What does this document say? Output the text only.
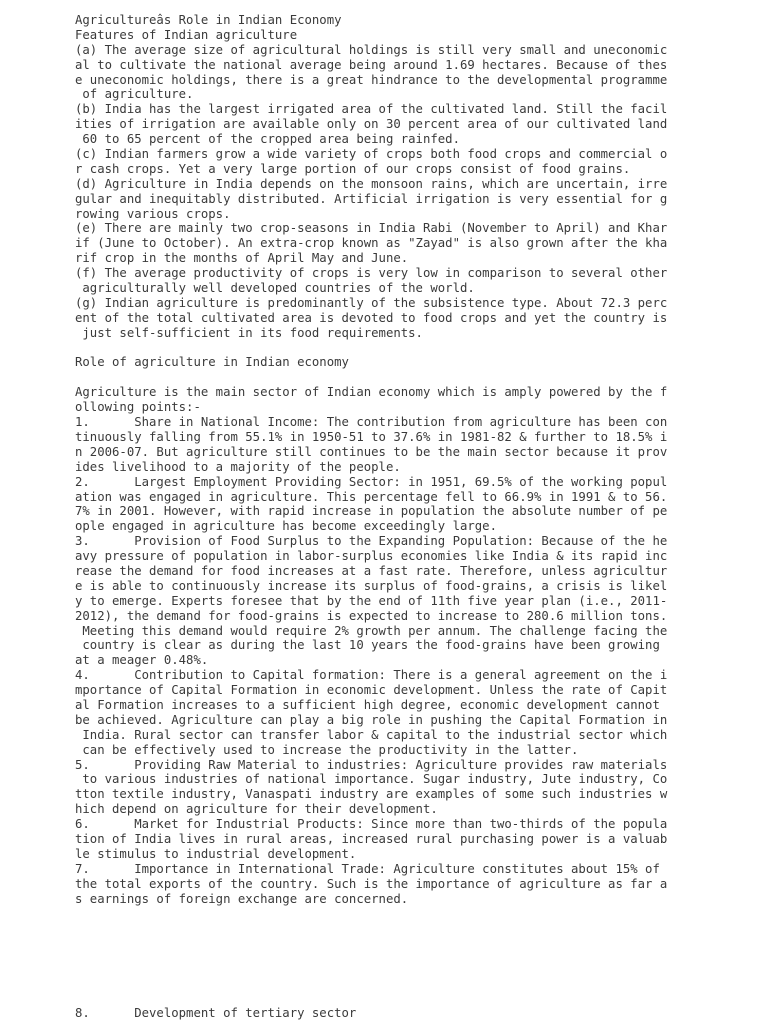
Agricultureâs Role in Indian Economy
Features of Indian agriculture
(a) The average size of agricultural holdings is still very small and uneconomic
al to cultivate the national average being around 1.69 hectares. Because of thes
e uneconomic holdings, there is a great hindrance to the developmental programme
of agriculture.
(b) India has the largest irrigated area of the cultivated land. Still the facil
ities of irrigation are available only on 30 percent area of our cultivated land
60 to 65 percent of the cropped area being rainfed.
(c) Indian farmers grow a wide variety of crops both food crops and commercial o
r cash crops. Yet a very large portion of our crops consist of food grains.
(d) Agriculture in India depends on the monsoon rains, which are uncertain, irre
gular and inequitably distributed. Artificial irrigation is very essential for g
rowing various crops.
(e) There are mainly two crop-seasons in India Rabi (November to April) and Khar
if (June to October). An extra-crop known as "Zayad" is also grown after the kha
rif crop in the months of April May and June.
(f) The average productivity of crops is very low in comparison to several other
agriculturally well developed countries of the world.
(g) Indian agriculture is predominantly of the subsistence type. About 72.3 perc
ent of the total cultivated area is devoted to food crops and yet the country is
just self-sufficient in its food requirements.
Role of agriculture in Indian economy
Agriculture is the main sector of Indian economy which is amply powered by the f
ollowing points:-
1.      Share in National Income: The contribution from agriculture has been con
tinuously falling from 55.1% in 1950-51 to 37.6% in 1981-82 & further to 18.5% i
n 2006-07. But agriculture still continues to be the main sector because it prov
ides livelihood to a majority of the people.
2.      Largest Employment Providing Sector: in 1951, 69.5% of the working popul
ation was engaged in agriculture. This percentage fell to 66.9% in 1991 & to 56.
7% in 2001. However, with rapid increase in population the absolute number of pe
ople engaged in agriculture has become exceedingly large.
3.      Provision of Food Surplus to the Expanding Population: Because of the he
avy pressure of population in labor-surplus economies like India & its rapid inc
rease the demand for food increases at a fast rate. Therefore, unless agricultur
e is able to continuously increase its surplus of food-grains, a crisis is likel
y to emerge. Experts foresee that by the end of 11th five year plan (i.e., 2011-
2012), the demand for food-grains is expected to increase to 280.6 million tons.
Meeting this demand would require 2% growth per annum. The challenge facing the
country is clear as during the last 10 years the food-grains have been growing
at a meager 0.48%.
4.      Contribution to Capital formation: There is a general agreement on the i
mportance of Capital Formation in economic development. Unless the rate of Capit
al Formation increases to a sufficient high degree, economic development cannot
be achieved. Agriculture can play a big role in pushing the Capital Formation in
India. Rural sector can transfer labor & capital to the industrial sector which
can be effectively used to increase the productivity in the latter.
5.      Providing Raw Material to industries: Agriculture provides raw materials
to various industries of national importance. Sugar industry, Jute industry, Co
tton textile industry, Vanaspati industry are examples of some such industries w
hich depend on agriculture for their development.
6.      Market for Industrial Products: Since more than two-thirds of the popula
tion of India lives in rural areas, increased rural purchasing power is a valuab
le stimulus to industrial development.
7.      Importance in International Trade: Agriculture constitutes about 15% of
the total exports of the country. Such is the importance of agriculture as far a
s earnings of foreign exchange are concerned.
8.      Development of tertiary sector
